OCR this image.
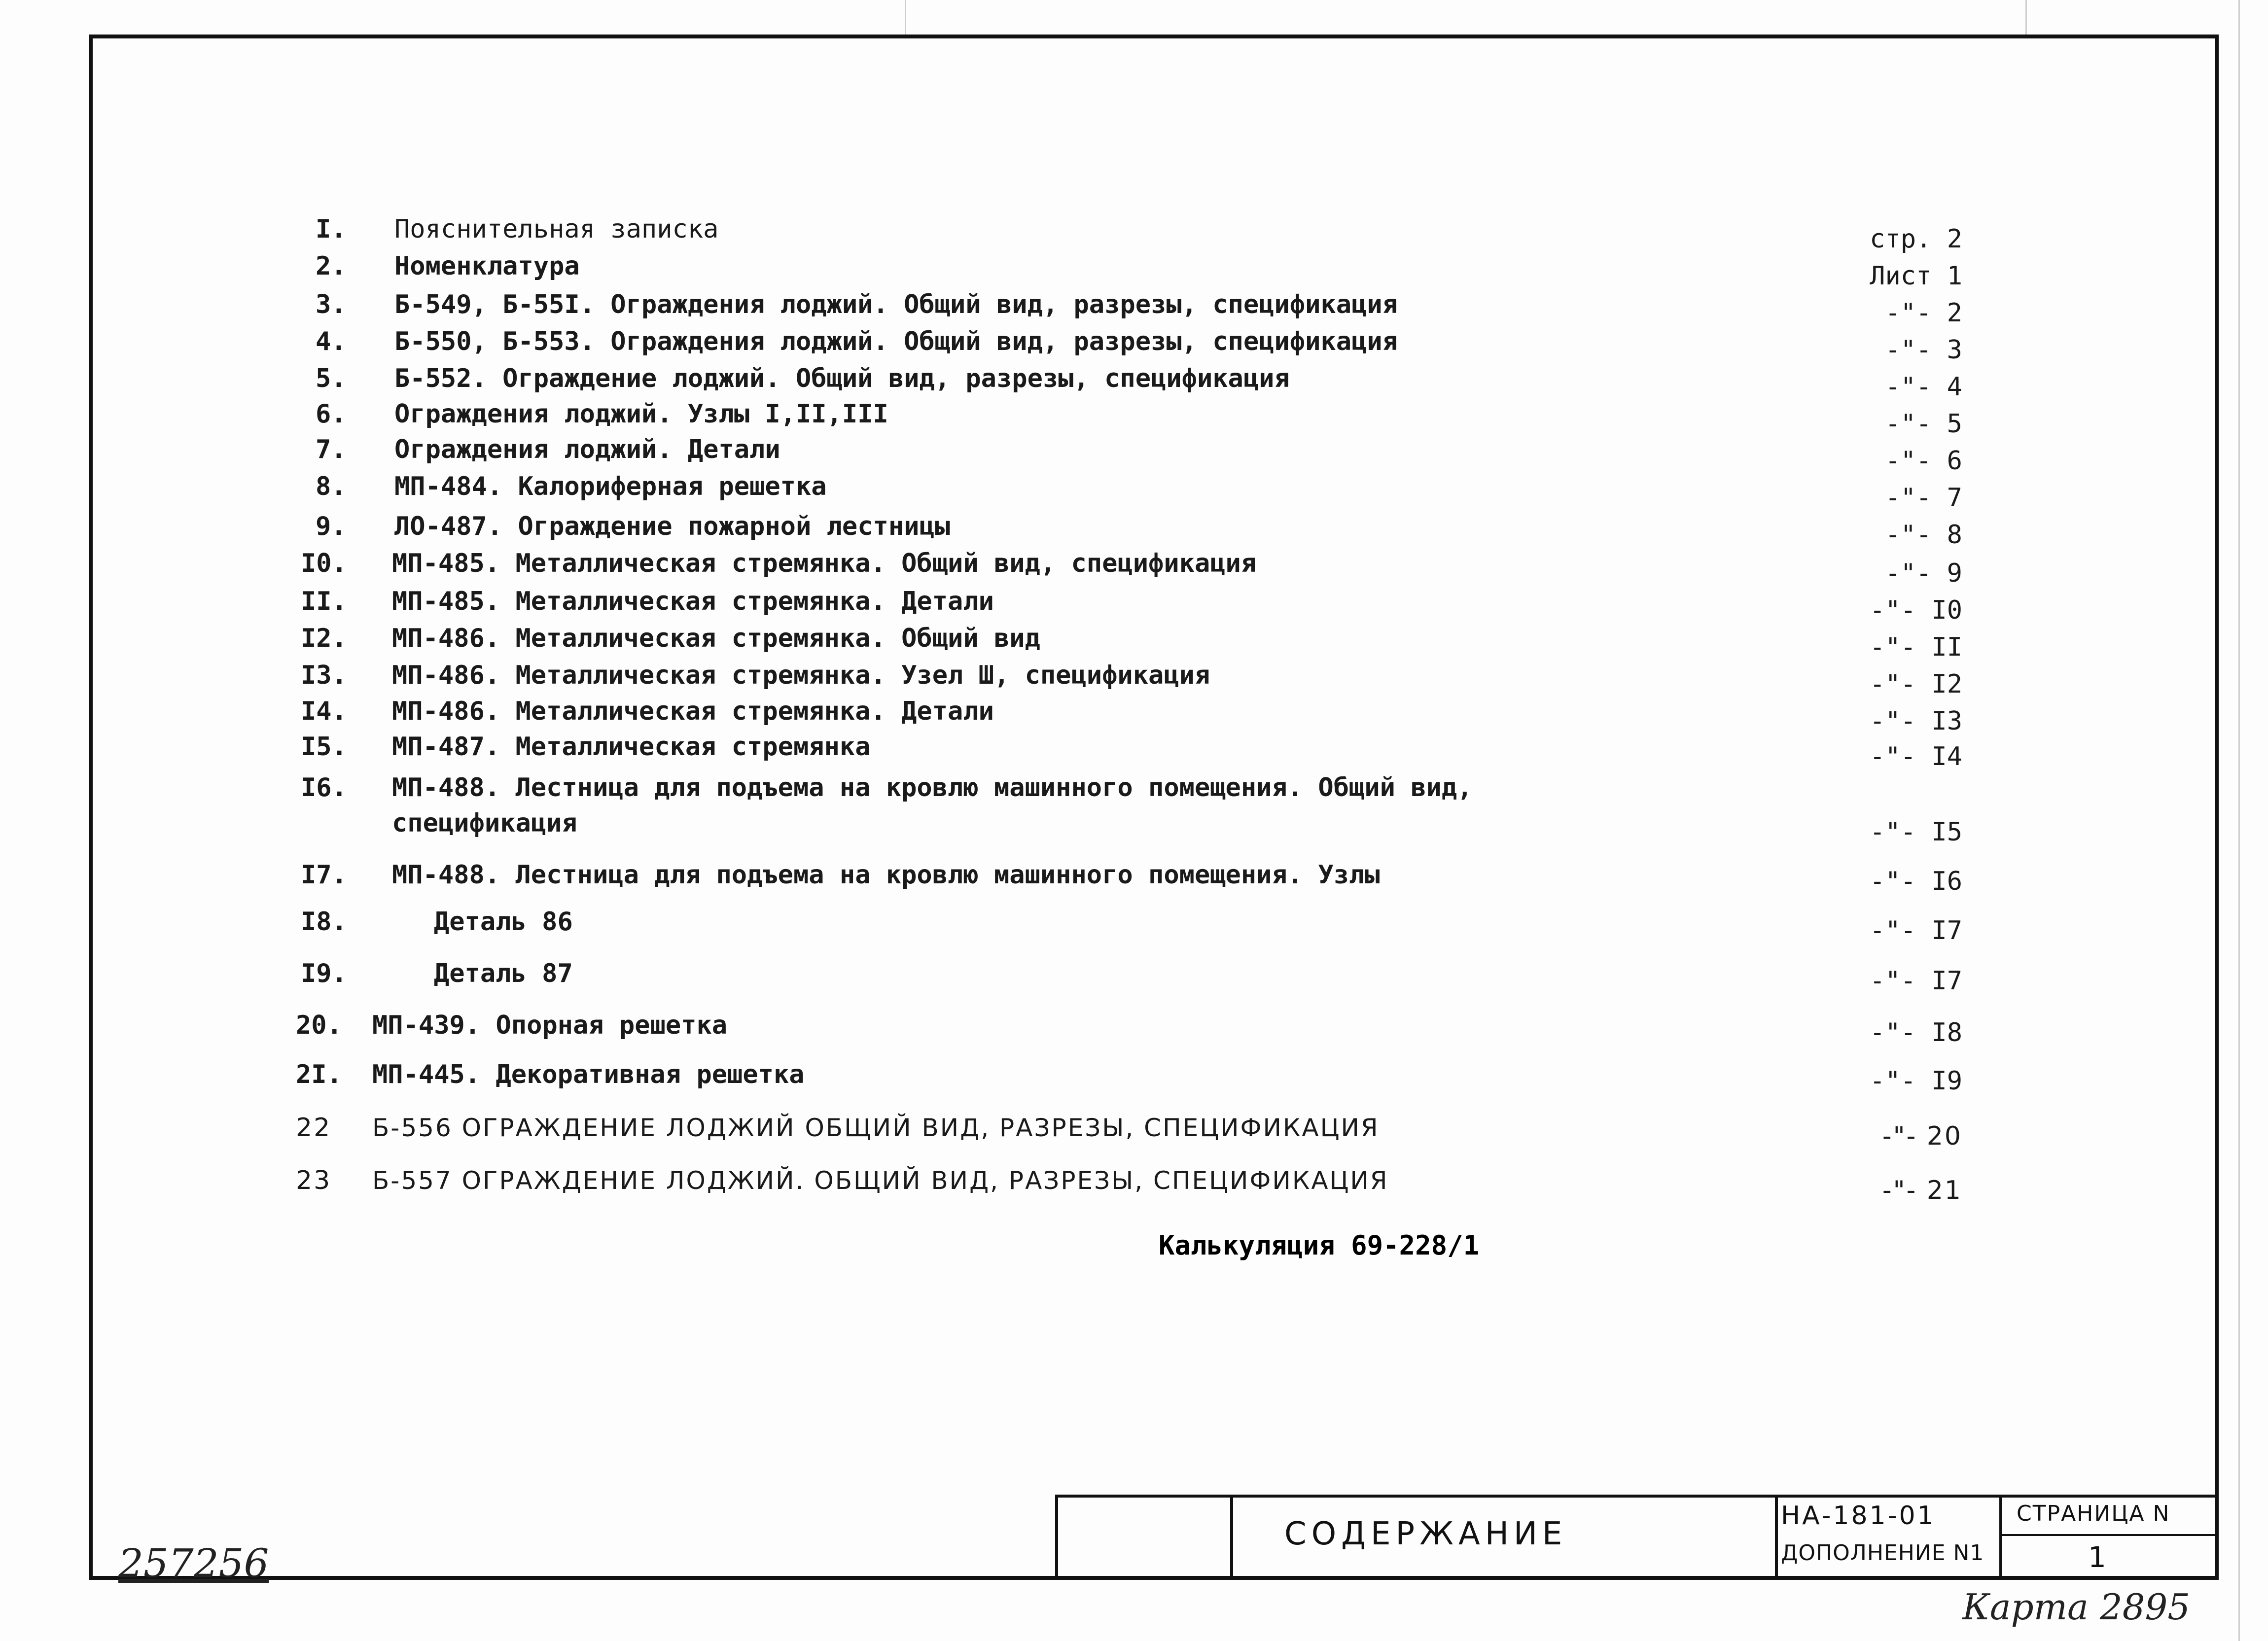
I. Пояснительная записка	стр. 2
2. Номенклатура	Лист 1
3. Б-549, Б-55I. Ограждения лоджий. Общий вид, разрезы, спецификация	-"- 2
4. Б-550, Б-553. Ограждения лоджий. Общий вид, разрезы, спецификация	-"- 3
5. Б-552. Ограждение лоджий. Общий вид, разрезы, спецификация	-"- 4
6. Ограждения лоджий. Узлы I,II,III	-"- 5
7. Ограждения лоджий. Детали	-"- 6
8. МП-484. Калориферная решетка	-"- 7
9. ЛО-487. Ограждение пожарной лестницы	-"- 8
I0. МП-485. Металлическая стремянка. Общий вид, спецификация	-"- 9
II. МП-485. Металлическая стремянка. Детали	-"- I0
I2. МП-486. Металлическая стремянка. Общий вид	-"- II
I3. МП-486. Металлическая стремянка. Узел Ш, спецификация	-"- I2
I4. МП-486. Металлическая стремянка. Детали	-"- I3
I5. МП-487. Металлическая стремянка	-"- I4
I6. МП-488. Лестница для подъема на кровлю машинного помещения. Общий вид,
спецификация	-"- I5
I7. МП-488. Лестница для подъема на кровлю машинного помещения. Узлы	-"- I6
I8.	Деталь 86	-"- I7
I9.	Деталь 87	-"- I7
20. МП-439. Опорная решетка	-"- I8
2I. МП-445. Декоративная решетка	-"- I9
22 Б-556 ОГРАЖДЕНИЕ ЛОДЖИЙ ОБЩИЙ ВИД, РАЗРЕЗЫ, СПЕЦИФИКАЦИЯ	-"- 20
23 Б-557 ОГРАЖДЕНИЕ ЛОДЖИЙ. ОБЩИЙ ВИД, РАЗРЕЗЫ, СПЕЦИФИКАЦИЯ	-"- 21
Калькуляция 69-228/1
СОДЕРЖАНИЕ	НА-181-01
ДОПОЛНЕНИЕ N1
СТРАНИЦА N
1
257256
Карта 2895
